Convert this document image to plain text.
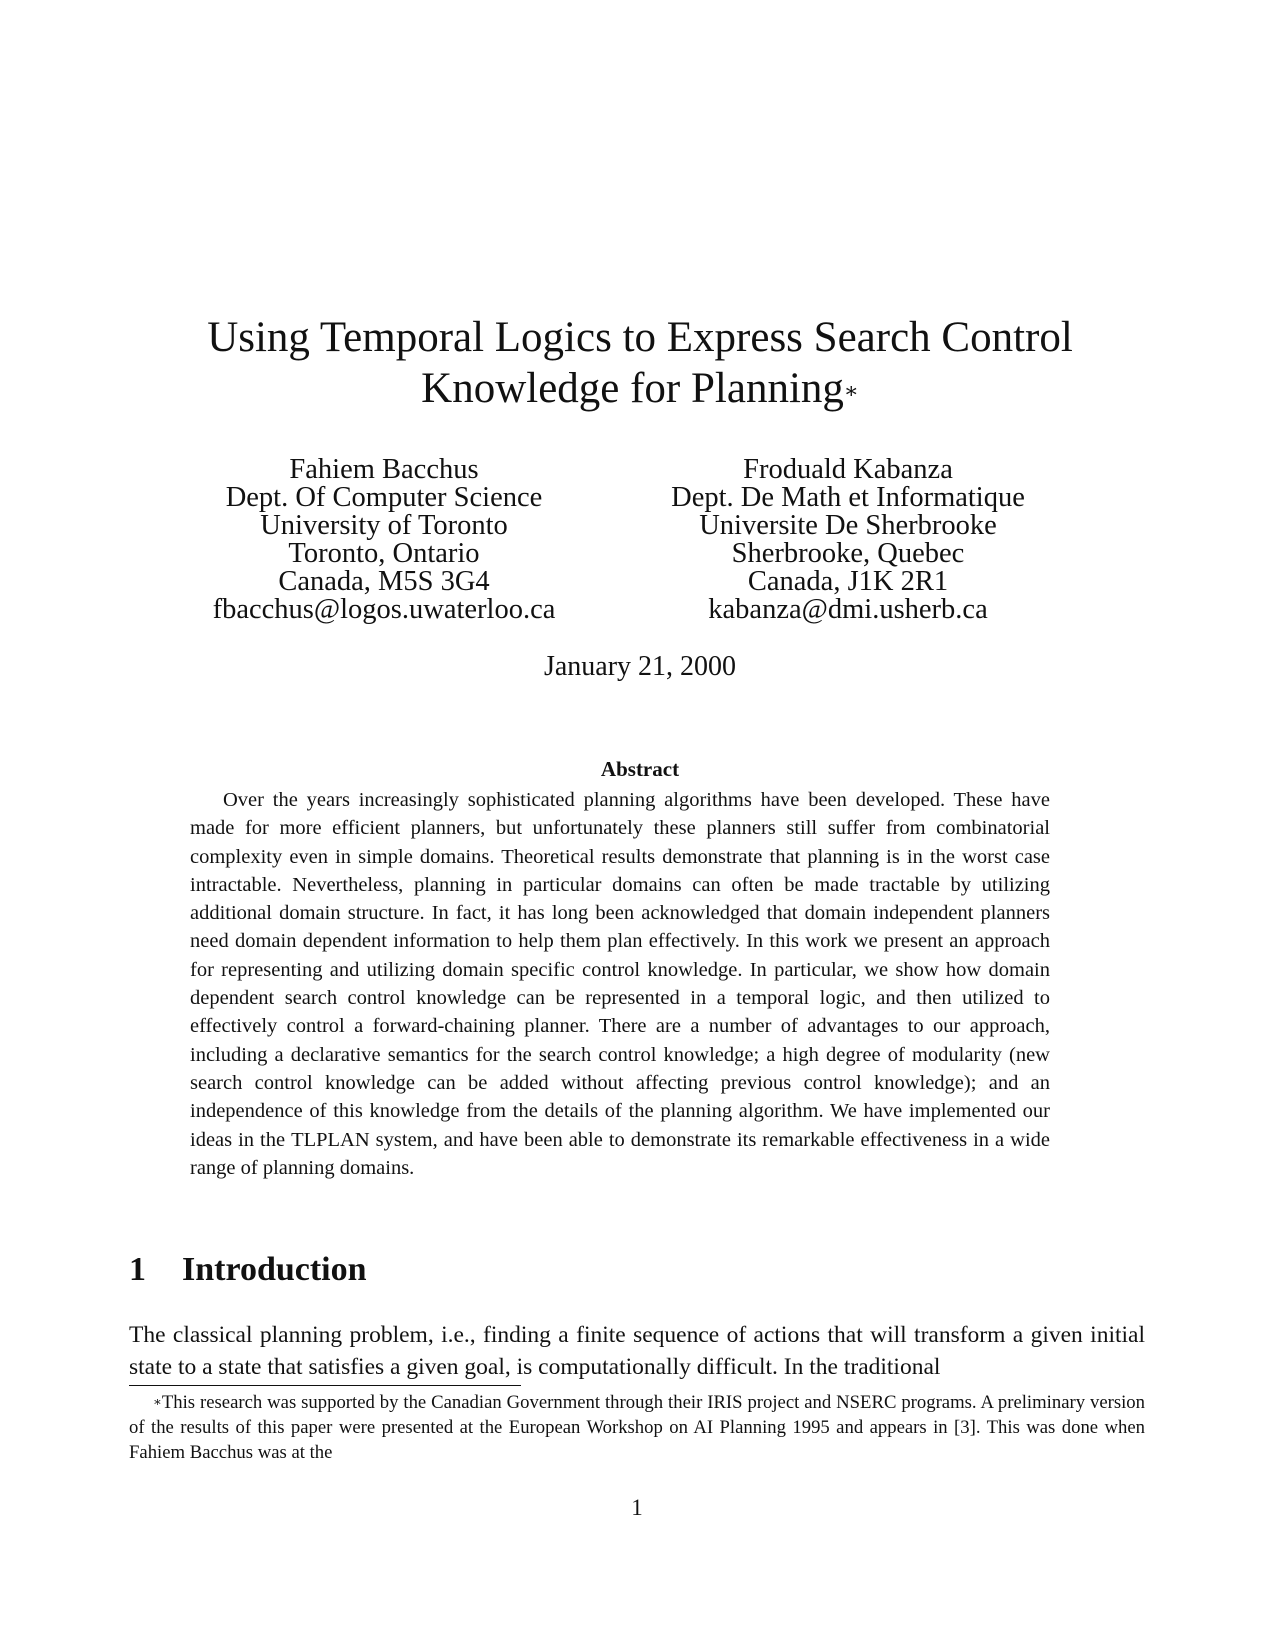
Using Temporal Logics to Express Search Control
Knowledge for Planning∗
Fahiem Bacchus
Dept. Of Computer Science
University of Toronto
Toronto, Ontario
Canada, M5S 3G4
fbacchus@logos.uwaterloo.ca
Froduald Kabanza
Dept. De Math et Informatique
Universite De Sherbrooke
Sherbrooke, Quebec
Canada, J1K 2R1
kabanza@dmi.usherb.ca
January 21, 2000
Abstract

Over the years increasingly sophisticated planning algorithms have been developed. These have made for more efficient planners, but unfortunately these planners still suffer from combinatorial complexity even in simple domains. Theoretical results demonstrate that planning is in the worst case intractable. Nevertheless, planning in particular domains can often be made tractable by utilizing additional domain structure. In fact, it has long been acknowledged that domain independent planners need domain dependent information to help them plan effectively. In this work we present an approach for representing and utilizing domain specific control knowledge. In particular, we show how domain dependent search control knowledge can be represented in a temporal logic, and then utilized to effectively control a forward-chaining planner. There are a number of advantages to our approach, including a declarative semantics for the search control knowledge; a high degree of modularity (new search control knowledge can be added without affecting previous control knowledge); and an independence of this knowledge from the details of the planning algorithm. We have implemented our ideas in the TLPLAN system, and have been able to demonstrate its remarkable effectiveness in a wide range of planning domains.

1 Introduction

The classical planning problem, i.e., finding a finite sequence of actions that will transform a given initial state to a state that satisfies a given goal, is computationally difficult. In the traditional

∗This research was supported by the Canadian Government through their IRIS project and NSERC programs. A preliminary version of the results of this paper were presented at the European Workshop on AI Planning 1995 and appears in [3]. This was done when Fahiem Bacchus was at the

1
